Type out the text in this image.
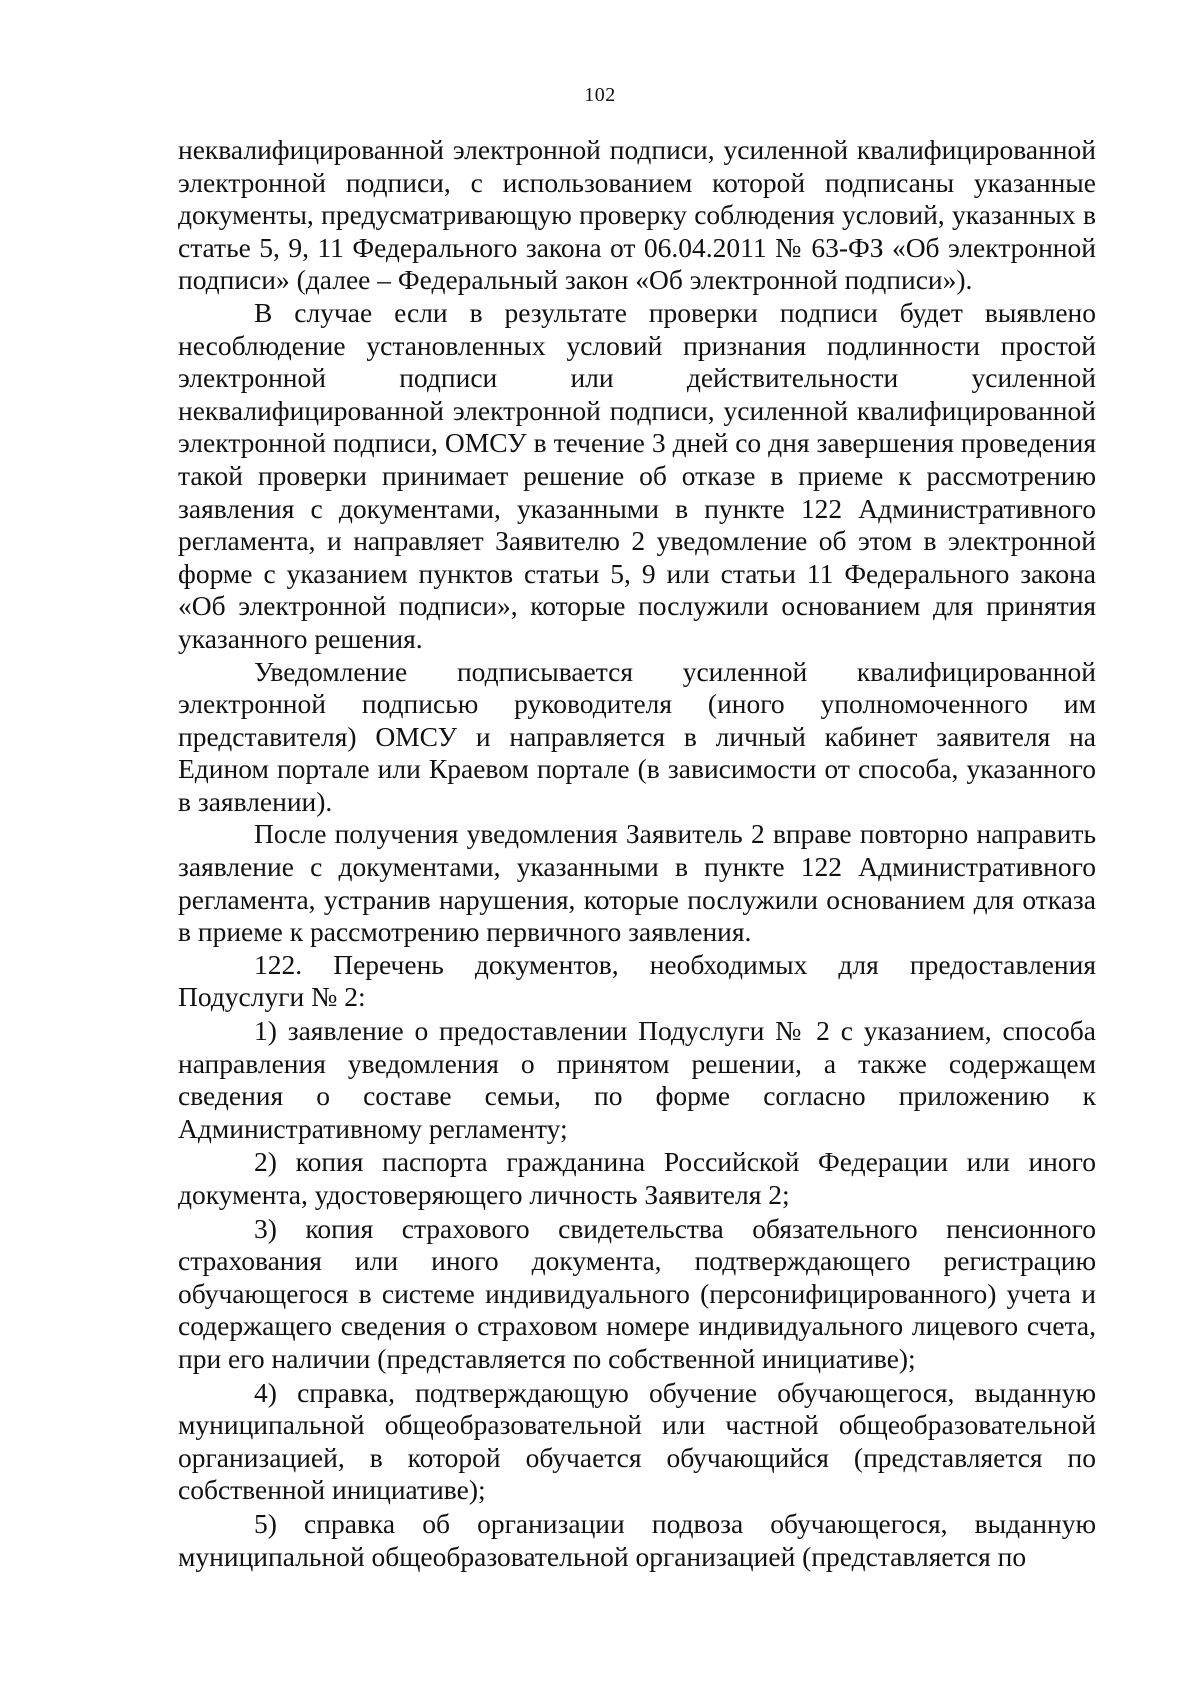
102

неквалифицированной электронной подписи, усиленной квалифицированной электронной подписи, с использованием которой подписаны указанные документы, предусматривающую проверку соблюдения условий, указанных в статье 5, 9, 11 Федерального закона от 06.04.2011 № 63-ФЗ «Об электронной подписи» (далее – Федеральный закон «Об электронной подписи»).

В случае если в результате проверки подписи будет выявлено несоблюдение установленных условий признания подлинности простой электронной подписи или действительности усиленной неквалифицированной электронной подписи, усиленной квалифицированной электронной подписи, ОМСУ в течение 3 дней со дня завершения проведения такой проверки принимает решение об отказе в приеме к рассмотрению заявления с документами, указанными в пункте 122 Административного регламента, и направляет Заявителю 2 уведомление об этом в электронной форме с указанием пунктов статьи 5, 9 или статьи 11 Федерального закона «Об электронной подписи», которые послужили основанием для принятия указанного решения.

Уведомление подписывается усиленной квалифицированной электронной подписью руководителя (иного уполномоченного им представителя) ОМСУ и направляется в личный кабинет заявителя на Едином портале или Краевом портале (в зависимости от способа, указанного в заявлении).

После получения уведомления Заявитель 2 вправе повторно направить заявление с документами, указанными в пункте 122 Административного регламента, устранив нарушения, которые послужили основанием для отказа в приеме к рассмотрению первичного заявления.

122. Перечень документов, необходимых для предоставления Подуслуги № 2:

1) заявление о предоставлении Подуслуги № 2 с указанием, способа направления уведомления о принятом решении, а также содержащем сведения о составе семьи, по форме согласно приложению к Административному регламенту;

2) копия паспорта гражданина Российской Федерации или иного документа, удостоверяющего личность Заявителя 2;

3) копия страхового свидетельства обязательного пенсионного страхования или иного документа, подтверждающего регистрацию обучающегося в системе индивидуального (персонифицированного) учета и содержащего сведения о страховом номере индивидуального лицевого счета, при его наличии (представляется по собственной инициативе);

4) справка, подтверждающую обучение обучающегося, выданную муниципальной общеобразовательной или частной общеобразовательной организацией, в которой обучается обучающийся (представляется по собственной инициативе);

5) справка об организации подвоза обучающегося, выданную муниципальной общеобразовательной организацией (представляется по
